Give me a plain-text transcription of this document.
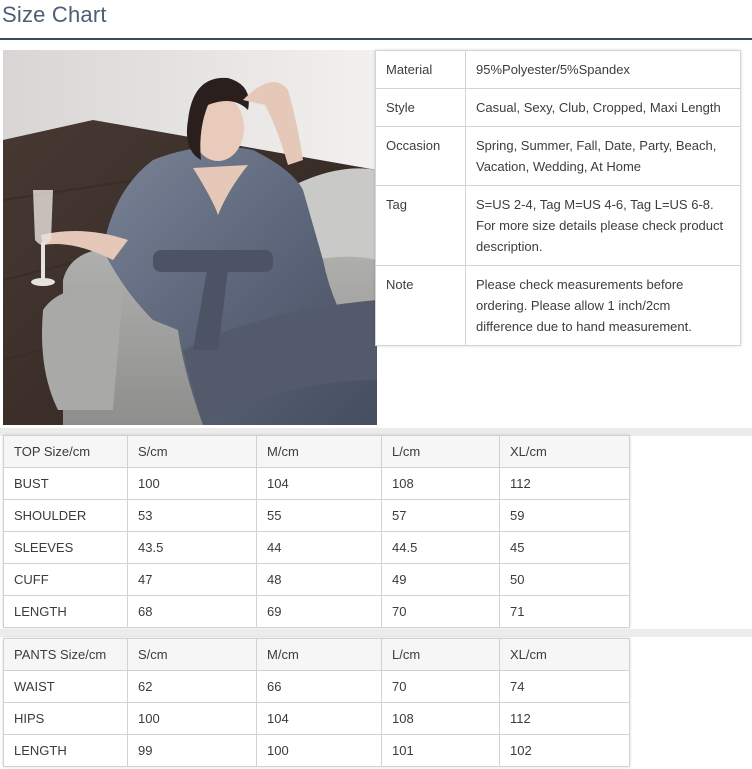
Size Chart
Material	95%Polyester/5%Spandex
Style	Casual, Sexy, Club, Cropped, Maxi Length
Occasion	Spring, Summer, Fall, Date, Party, Beach, Vacation, Wedding, At Home
Tag	S=US 2-4, Tag M=US 4-6, Tag L=US 6-8. For more size details please check product description.
Note	Please check measurements before ordering. Please allow 1 inch/2cm difference due to hand measurement.
TOP Size/cm	S/cm	M/cm	L/cm	XL/cm
BUST	100	104	108	112
SHOULDER	53	55	57	59
SLEEVES	43.5	44	44.5	45
CUFF	47	48	49	50
LENGTH	68	69	70	71
PANTS Size/cm	S/cm	M/cm	L/cm	XL/cm
WAIST	62	66	70	74
HIPS	100	104	108	112
LENGTH	99	100	101	102
